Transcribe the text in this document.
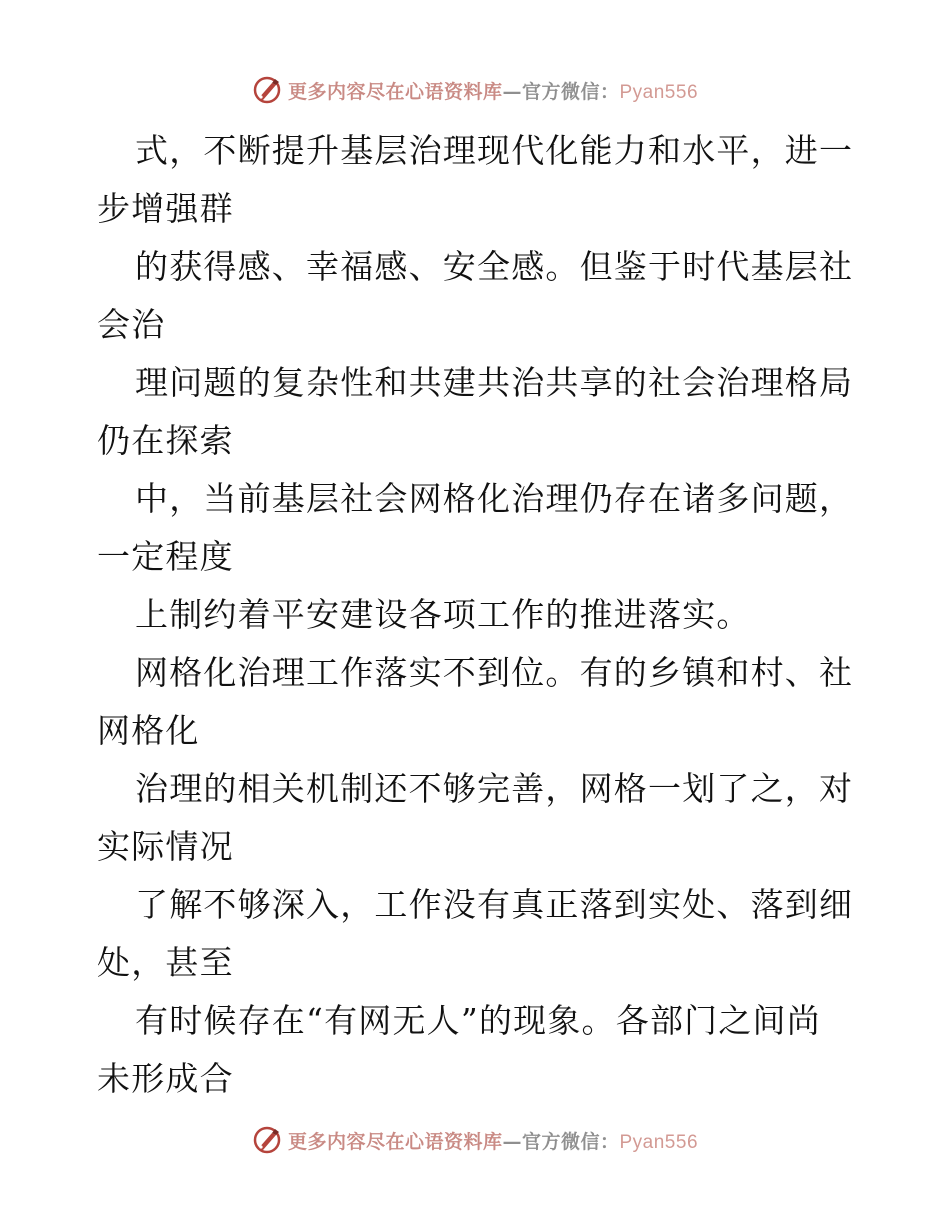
更多内容尽在心语资料库—官方微信：Pyan556
式，不断提升基层治理现代化能力和水平，进一
步增强群
的获得感、幸福感、安全感。但鉴于时代基层社
会治
理问题的复杂性和共建共治共享的社会治理格局
仍在探索
中，当前基层社会网格化治理仍存在诸多问题，
一定程度
上制约着平安建设各项工作的推进落实。
网格化治理工作落实不到位。有的乡镇和村、社
网格化
治理的相关机制还不够完善，网格一划了之，对
实际情况
了解不够深入，工作没有真正落到实处、落到细
处，甚至
有时候存在“有网无人”的现象。各部门之间尚
未形成合
更多内容尽在心语资料库—官方微信：Pyan556
